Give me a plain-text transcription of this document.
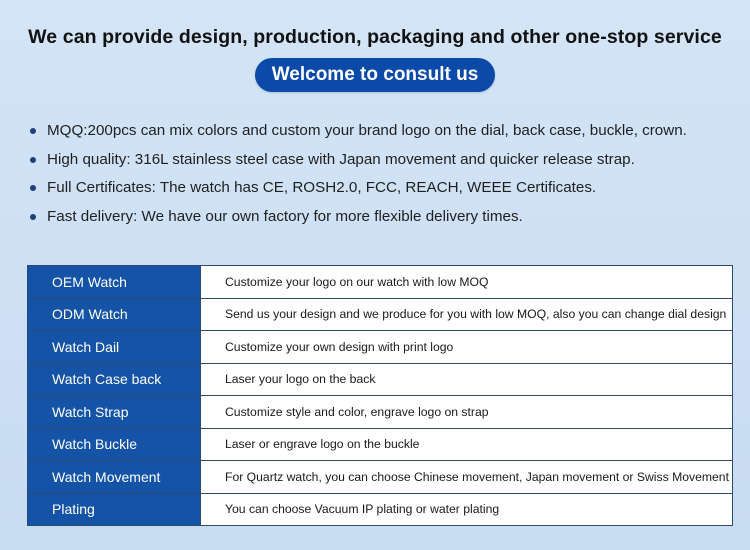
We can provide design, production, packaging and other one-stop service
Welcome to consult us
MQQ:200pcs can mix colors and custom your brand logo on the dial, back case, buckle, crown.
High quality: 316L stainless steel case with Japan movement and quicker release strap.
Full Certificates: The watch has CE, ROSH2.0, FCC, REACH, WEEE Certificates.
Fast delivery: We have our own factory for more flexible delivery times.
OEM Watch	Customize your logo on our watch with low MOQ
ODM Watch	Send us your design and we produce for you with low MOQ, also you can change dial design
Watch Dail	Customize your own design with print logo
Watch Case back	Laser your logo on the back
Watch Strap	Customize style and color, engrave logo on strap
Watch Buckle	Laser or engrave logo on the buckle
Watch Movement	For Quartz watch, you can choose Chinese movement, Japan movement or Swiss Movement
Plating	You can choose Vacuum IP plating or water plating
